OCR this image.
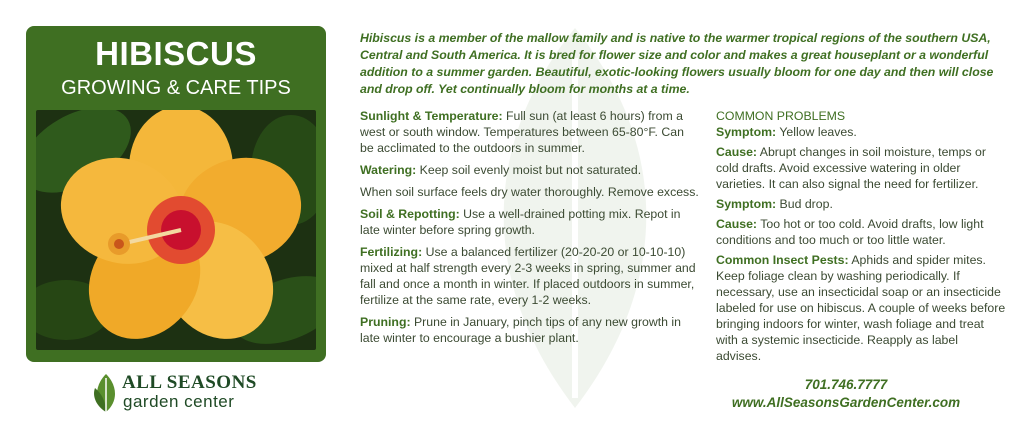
HIBISCUS
GROWING & CARE TIPS
ALL SEASONS
garden center
Hibiscus is a member of the mallow family and is native to the warmer tropical regions of the southern USA, Central and South America. It is bred for flower size and color and makes a great houseplant or a wonderful addition to a summer garden. Beautiful, exotic-looking flowers usually bloom for one day and then will close and drop off. Yet continually bloom for months at a time.

Sunlight & Temperature: Full sun (at least 6 hours) from a west or south window. Temperatures between 65-80°F. Can be acclimated to the outdoors in summer.

Watering: Keep soil evenly moist but not saturated.

When soil surface feels dry water thoroughly. Remove excess.

Soil & Repotting: Use a well-drained potting mix. Repot in late winter before spring growth.

Fertilizing: Use a balanced fertilizer (20-20-20 or 10-10-10) mixed at half strength every 2-3 weeks in spring, summer and fall and once a month in winter. If placed outdoors in summer, fertilize at the same rate, every 1-2 weeks.

Pruning: Prune in January, pinch tips of any new growth in late winter to encourage a bushier plant.

COMMON PROBLEMS

Symptom: Yellow leaves.

Cause: Abrupt changes in soil moisture, temps or cold drafts. Avoid excessive watering in older varieties. It can also signal the need for fertilizer.

Symptom: Bud drop.

Cause: Too hot or too cold. Avoid drafts, low light conditions and too much or too little water.

Common Insect Pests: Aphids and spider mites. Keep foliage clean by washing periodically. If necessary, use an insecticidal soap or an insecticide labeled for use on hibiscus. A couple of weeks before bringing indoors for winter, wash foliage and treat with a systemic insecticide. Reapply as label advises.

701.746.7777
www.AllSeasonsGardenCenter.com
